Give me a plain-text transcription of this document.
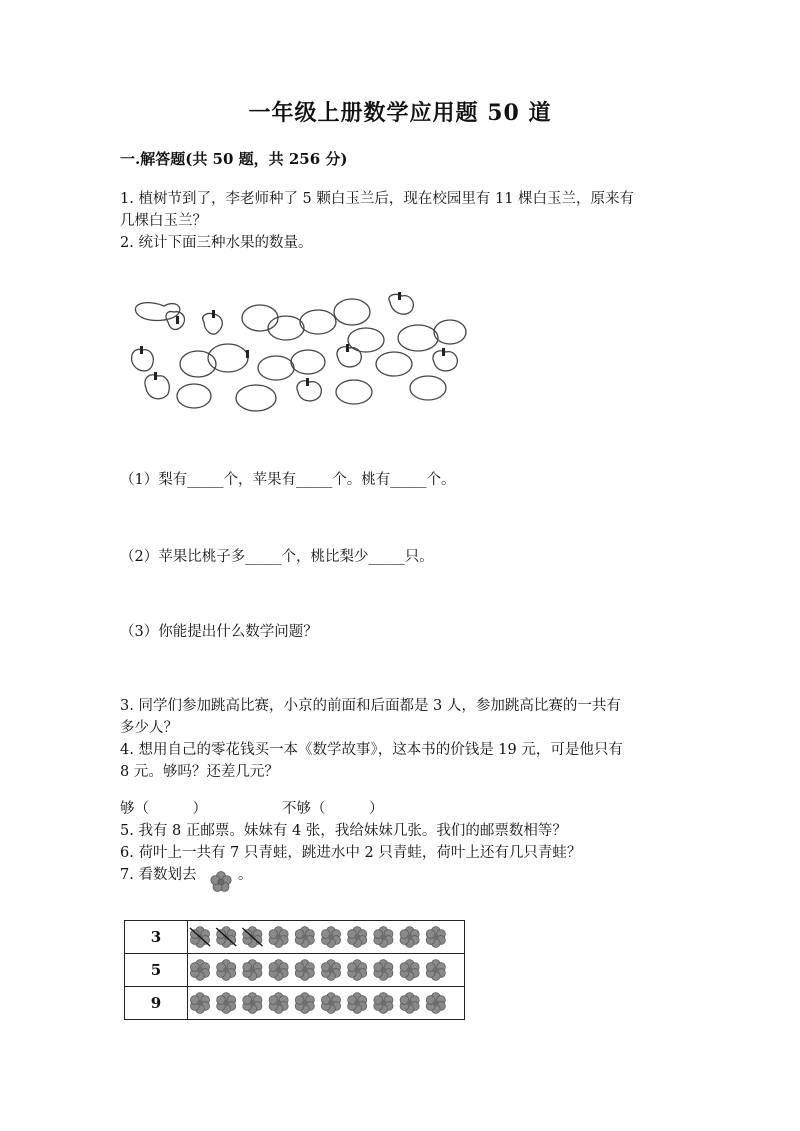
一年级上册数学应用题 50 道
一.解答题(共 50 题，共 256 分)
1. 植树节到了，李老师种了 5 颗白玉兰后，现在校园里有 11 棵白玉兰，原来有
几棵白玉兰？
2. 统计下面三种水果的数量。
（1）梨有_____个，苹果有_____个。桃有_____个。
（2）苹果比桃子多_____个，桃比梨少_____只。
（3）你能提出什么数学问题？
3. 同学们参加跳高比赛，小京的前面和后面都是 3 人，参加跳高比赛的一共有
多少人？
4. 想用自己的零花钱买一本《数学故事》，这本书的价钱是 19 元，可是他只有
8 元。够吗？还差几元？
够（　　　）	不够（　　　）
5. 我有 8 正邮票。妹妹有 4 张，我给妹妹几张。我们的邮票数相等？
6. 荷叶上一共有 7 只青蛙，跳进水中 2 只青蛙，荷叶上还有几只青蛙？
7. 看数划去	。
3	

5	

9	
